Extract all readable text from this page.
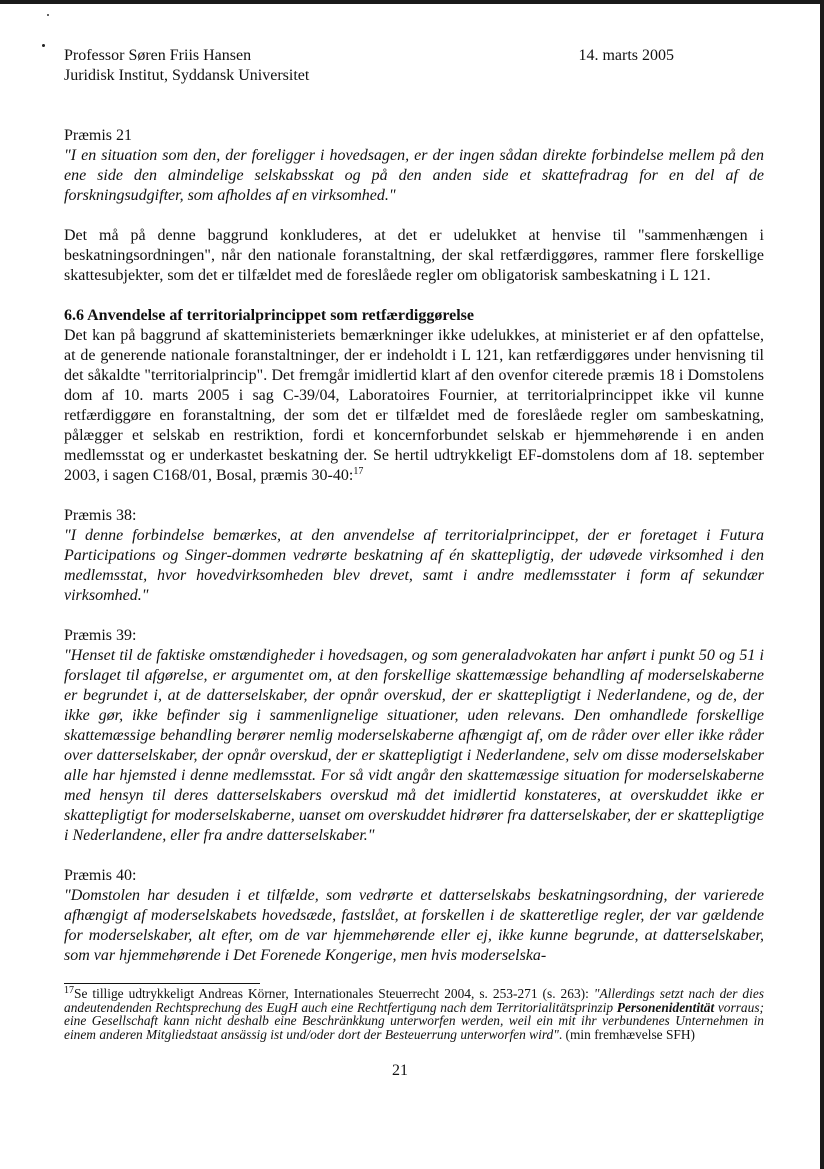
Professor Søren Friis Hansen
Juridisk Institut, Syddansk Universitet
14. marts 2005

Præmis 21

"I en situation som den, der foreligger i hovedsagen, er der ingen sådan direkte forbindelse mellem på den ene side den almindelige selskabsskat og på den anden side et skattefradrag for en del af de forskningsudgifter, som afholdes af en virksomhed."

Det må på denne baggrund konkluderes, at det er udelukket at henvise til "sammenhængen i beskatningsordningen", når den nationale foranstaltning, der skal retfærdiggøres, rammer flere forskellige skattesubjekter, som det er tilfældet med de foreslåede regler om obligatorisk sambeskatning i L 121.

6.6 Anvendelse af territorialprincippet som retfærdiggørelse

Det kan på baggrund af skatteministeriets bemærkninger ikke udelukkes, at ministeriet er af den opfattelse, at de generende nationale foranstaltninger, der er indeholdt i L 121, kan retfærdiggøres under henvisning til det såkaldte "territorialprincip". Det fremgår imidlertid klart af den ovenfor citerede præmis 18 i Domstolens dom af 10. marts 2005 i sag C-39/04, Laboratoires Fournier, at territorialprincippet ikke vil kunne retfærdiggøre en foranstaltning, der som det er tilfældet med de foreslåede regler om sambeskatning, pålægger et selskab en restriktion, fordi et koncernforbundet selskab er hjemmehørende i en anden medlemsstat og er underkastet beskatning der. Se hertil udtrykkeligt EF-domstolens dom af 18. september 2003, i sagen C168/01, Bosal, præmis 30-40:$^{17}$

Præmis 38:

"I denne forbindelse bemærkes, at den anvendelse af territorialprincippet, der er foretaget i Futura Participations og Singer-dommen vedrørte beskatning af én skattepligtig, der udøvede virksomhed i den medlemsstat, hvor hovedvirksomheden blev drevet, samt i andre medlemsstater i form af sekundær virksomhed."

Præmis 39:

"Henset til de faktiske omstændigheder i hovedsagen, og som generaladvokaten har anført i punkt 50 og 51 i forslaget til afgørelse, er argumentet om, at den forskellige skattemæssige behandling af moderselskaberne er begrundet i, at de datterselskaber, der opnår overskud, der er skattepligtigt i Nederlandene, og de, der ikke gør, ikke befinder sig i sammenlignelige situationer, uden relevans. Den omhandlede forskellige skattemæssige behandling berører nemlig moderselskaberne afhængigt af, om de råder over eller ikke råder over datterselskaber, der opnår overskud, der er skattepligtigt i Nederlandene, selv om disse moderselskaber alle har hjemsted i denne medlemsstat. For så vidt angår den skattemæssige situation for moderselskaberne med hensyn til deres datterselskabers overskud må det imidlertid konstateres, at overskuddet ikke er skattepligtigt for moderselskaberne, uanset om overskuddet hidrører fra datterselskaber, der er skattepligtige i Nederlandene, eller fra andre datterselskaber."

Præmis 40:

"Domstolen har desuden i et tilfælde, som vedrørte et datterselskabs beskatningsordning, der varierede afhængigt af moderselskabets hovedsæde, fastslået, at forskellen i de skatteretlige regler, der var gældende for moderselskaber, alt efter, om de var hjemmehørende eller ej, ikke kunne begrunde, at datterselskaber, som var hjemmehørende i Det Forenede Kongerige, men hvis moderselska-

$^{17}$Se tillige udtrykkeligt Andreas Körner, Internationales Steuerrecht 2004, s. 253-271 (s. 263): "Allerdings setzt nach der dies andeutendenden Rechtsprechung des EugH auch eine Rechtfertigung nach dem Territorialitätsprinzip Personenidentität vorraus; eine Gesellschaft kann nicht deshalb eine Beschränkkung unterworfen werden, weil ein mit ihr verbundenes Unternehmen in einem anderen Mitgliedstaat ansässig ist und/oder dort der Besteuerrung unterworfen wird". (min fremhævelse SFH)
21
